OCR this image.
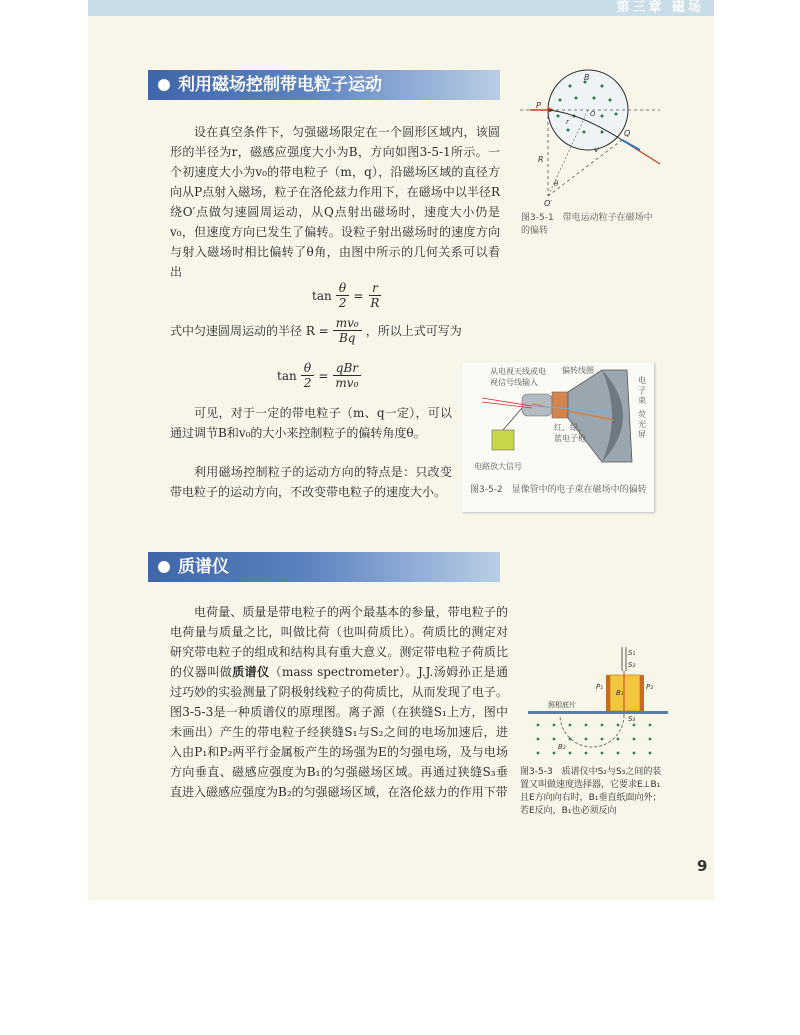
第三章 磁场
利用磁场控制带电粒子运动

设在真空条件下，匀强磁场限定在一个圆形区域内，该圆形的半径为r，磁感应强度大小为B，方向如图3-5-1所示。一个初速度大小为v₀的带电粒子（m，q），沿磁场区域的直径方向从P点射入磁场，粒子在洛伦兹力作用下，在磁场中以半径R绕O′点做匀速圆周运动，从Q点射出磁场时，速度大小仍是v₀，但速度方向已发生了偏转。设粒子射出磁场时的速度方向与射入磁场时相比偏转了θ角，由图中所示的几何关系可以看出

$\tan \frac{\theta}{2} = \frac{r}{R}$
式中匀速圆周运动的半径 $R = \frac{\text{mv₀}}{Bq}$ ，所以上式可写为
$\tan \frac{\theta}{2} = \frac{\text{qBr}}{\text{mv₀}}$

可见，对于一定的带电粒子（m、q一定），可以通过调节B和v₀的大小来控制粒子的偏转角度θ。

利用磁场控制粒子的运动方向的特点是：只改变带电粒子的运动方向，不改变带电粒子的速度大小。

B
P
Q
O
O′
r
R
θ
v
图3-5-1　带电运动粒子在磁场中的偏转
从电视天线或电
视信号线输入
偏转线圈
红、绿、
蓝电子枪
电路放大信号
电子束
荧光屏
图3-5-2　显像管中的电子束在磁场中的偏转
质谱仪

电荷量、质量是带电粒子的两个最基本的参量，带电粒子的电荷量与质量之比，叫做比荷（也叫荷质比）。荷质比的测定对研究带电粒子的组成和结构具有重大意义。测定带电粒子荷质比的仪器叫做质谱仪（mass spectrometer）。J.J.汤姆孙正是通过巧妙的实验测量了阴极射线粒子的荷质比，从而发现了电子。图3-5-3是一种质谱仪的原理图。离子源（在狭缝S₁上方，图中未画出）产生的带电粒子经狭缝S₁与S₂之间的电场加速后，进入由P₁和P₂两平行金属板产生的场强为E的匀强电场，及与电场方向垂直、磁感应强度为B₁的匀强磁场区域。再通过狭缝S₃垂直进入磁感应强度为B₂的匀强磁场区域，在洛伦兹力的作用下带

S₁
S₂
S₃
P₁	P₂
B₁
B₂
照相底片
图3-5-3　质谱仪中S₂与S₃之间的装置又叫做速度选择器，它要求E⊥B₁且E方向向右时，B₁垂直纸面向外；若E反向，B₁也必须反向
9
